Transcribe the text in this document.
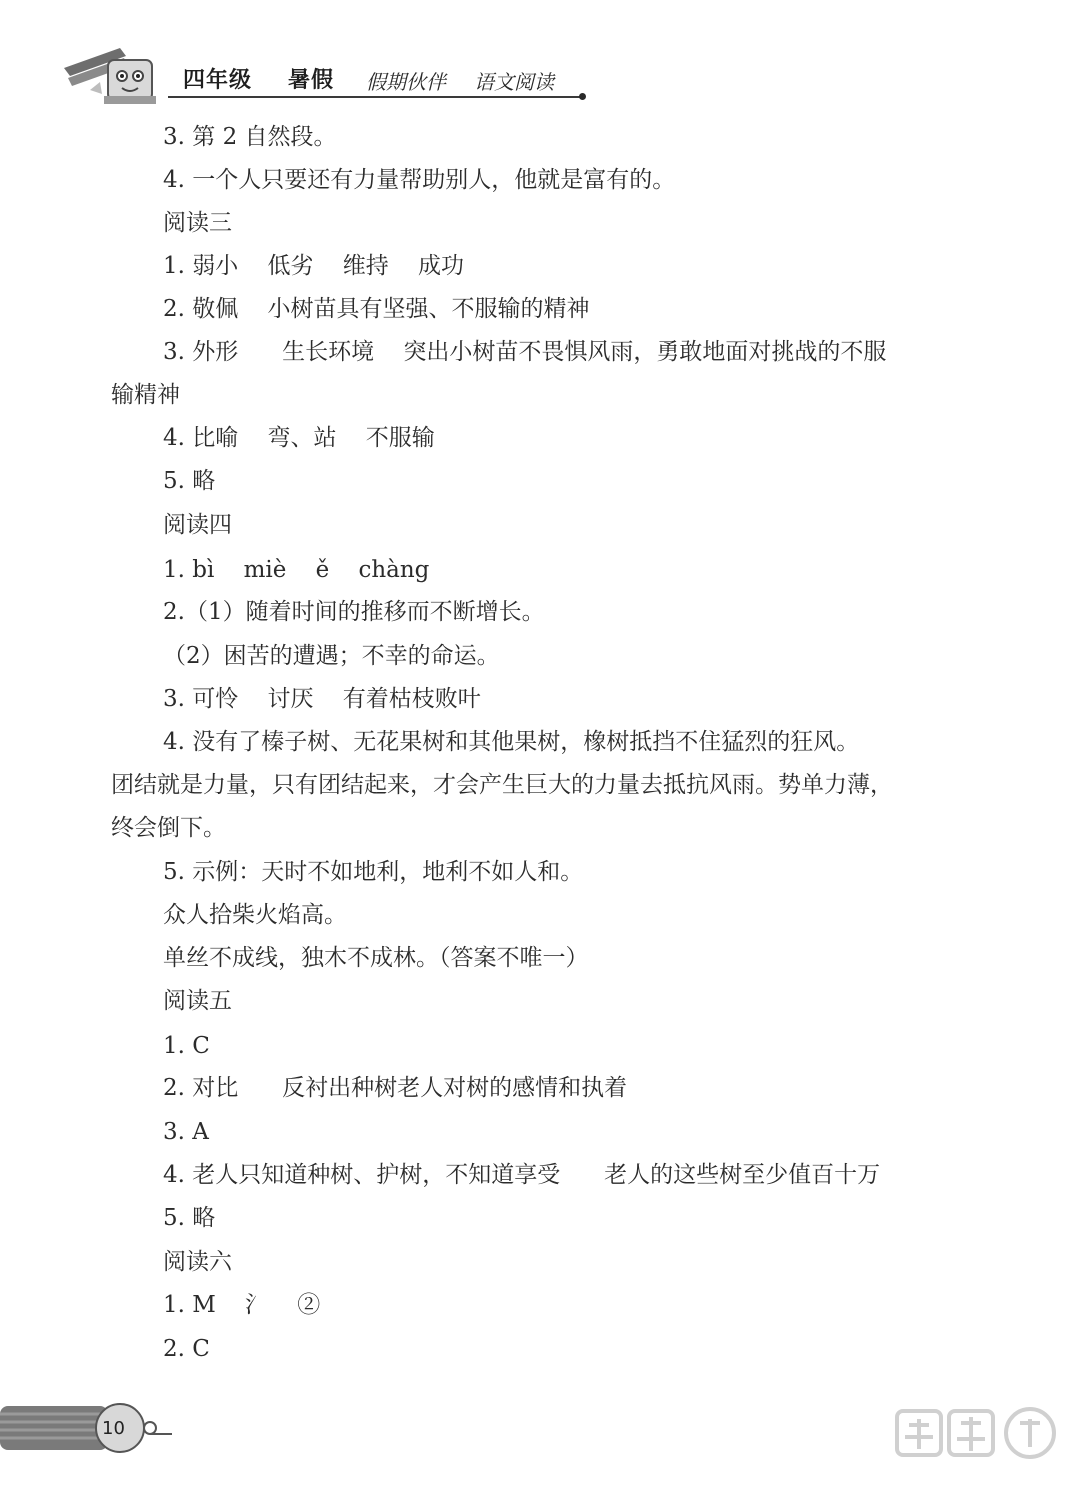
四年级 暑假 假期伙伴 语文阅读
3. 第 2 自然段。
4. 一个人只要还有力量帮助别人，他就是富有的。
阅读三
1. 弱小    低劣    维持    成功
2. 敬佩    小树苗具有坚强、不服输的精神
3. 外形      生长环境    突出小树苗不畏惧风雨，勇敢地面对挑战的不服
输精神
4. 比喻    弯、站    不服输
5. 略
阅读四
1. bì    miè    ě    chàng
2.（1）随着时间的推移而不断增长。
（2）困苦的遭遇；不幸的命运。
3. 可怜    讨厌    有着枯枝败叶
4. 没有了榛子树、无花果树和其他果树，橡树抵挡不住猛烈的狂风。
团结就是力量，只有团结起来，才会产生巨大的力量去抵抗风雨。势单力薄，
终会倒下。
5. 示例：天时不如地利，地利不如人和。
众人拾柴火焰高。
单丝不成线，独木不成林。（答案不唯一）
阅读五
1. C
2. 对比      反衬出种树老人对树的感情和执着
3. A
4. 老人只知道种树、护树，不知道享受      老人的这些树至少值百十万
5. 略
阅读六
1. M    氵    ②
2. C
10
